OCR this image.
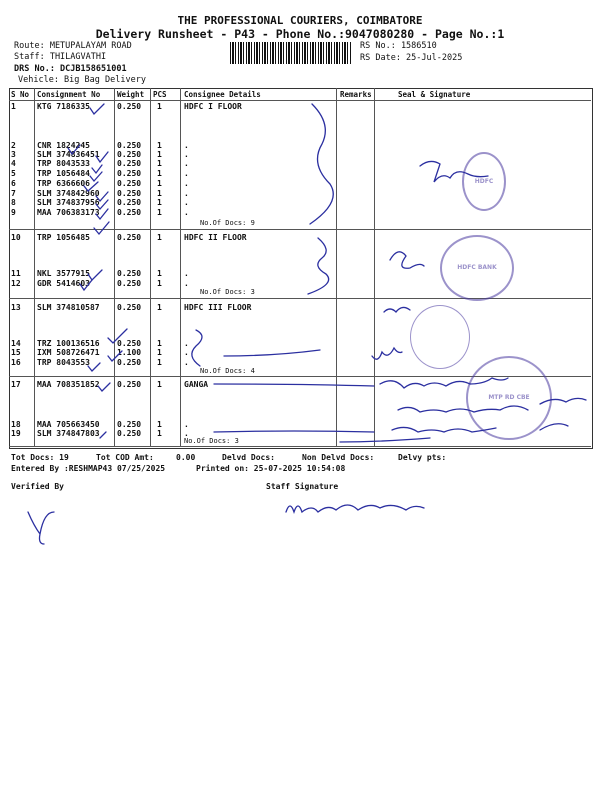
THE PROFESSIONAL COURIERS, COIMBATORE
Delivery Runsheet - P43 - Phone No.:9047080280 - Page No.:1
Route: METUPALAYAM ROAD
Staff: THILAGVATHI
DRS No.: DCJB158651001
Vehicle: Big Bag Delivery
RS No.: 1586510
RS Date: 25-Jul-2025
S No Consignment No Weight PCS Consignee Details	Remarks	Seal & Signature
1	KTG 7186335	0.250 1	HDFC I FLOOR
2	CNR 1824245	0.250 1	.
3	SLM 374836451 0.250 1	.
4	TRP 8043533	0.250 1	.
5	TRP 1056484	0.250 1	.
6	TRP 6366606	0.250 1	.
7	SLM 374842960 0.250 1	.
8	SLM 374837956 0.250 1	.
9	MAA 706383173 0.250 1	.
10 TRP 1056485	0.250 1	HDFC II FLOOR
11 NKL 3577915	0.250 1	.
12 GDR 5414603	0.250 1	.
13 SLM 374810587 0.250 1	HDFC III FLOOR
14 TRZ 100136516 0.250 1	.
15 IXM 508726471 1.100 1	.
16 TRP 8043553	0.250 1	.
17 MAA 708351852 0.250 1	GANGA
18 MAA 705663450 0.250 1	.
19 SLM 374847803 0.250 1	.
No.Of Docs: 9
No.Of Docs: 3
No.Of Docs: 4
No.Of Docs: 3
HDFC
HDFC BANK
MTP RD CBE
Tot Docs: 19	Tot COD Amt:	0.00	Delvd Docs:	Non Delvd Docs:	Delvy pts:
Entered By :RESHMAP43 07/25/2025	Printed on: 25-07-2025 10:54:08
Verified By	Staff Signature
